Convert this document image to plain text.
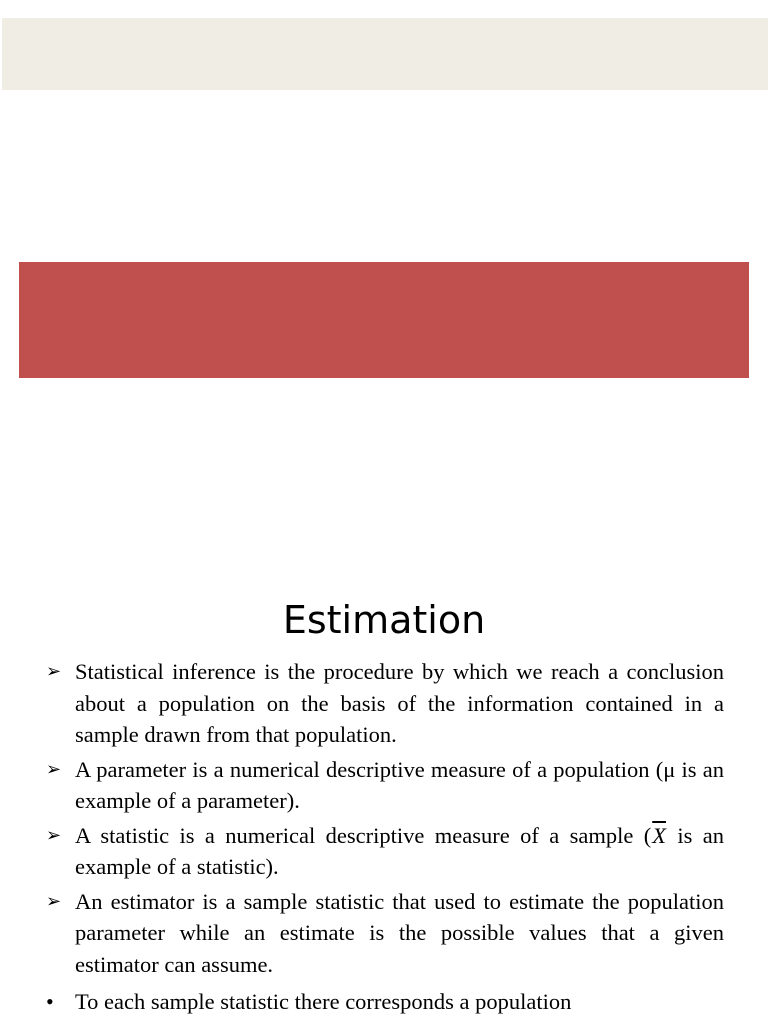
Estimation
➢ Statistical inference is the procedure by which we reach a conclusion about a population on the basis of the information contained in a sample drawn from that population.
➢ A parameter is a numerical descriptive measure of a population (μ is an example of a parameter).
➢ A statistic is a numerical descriptive measure of a sample ($\overline{X}$ is an example of a statistic).
➢ An estimator is a sample statistic that used to estimate the population parameter while an estimate is the possible values that a given estimator can assume.
• To each sample statistic there corresponds a population
